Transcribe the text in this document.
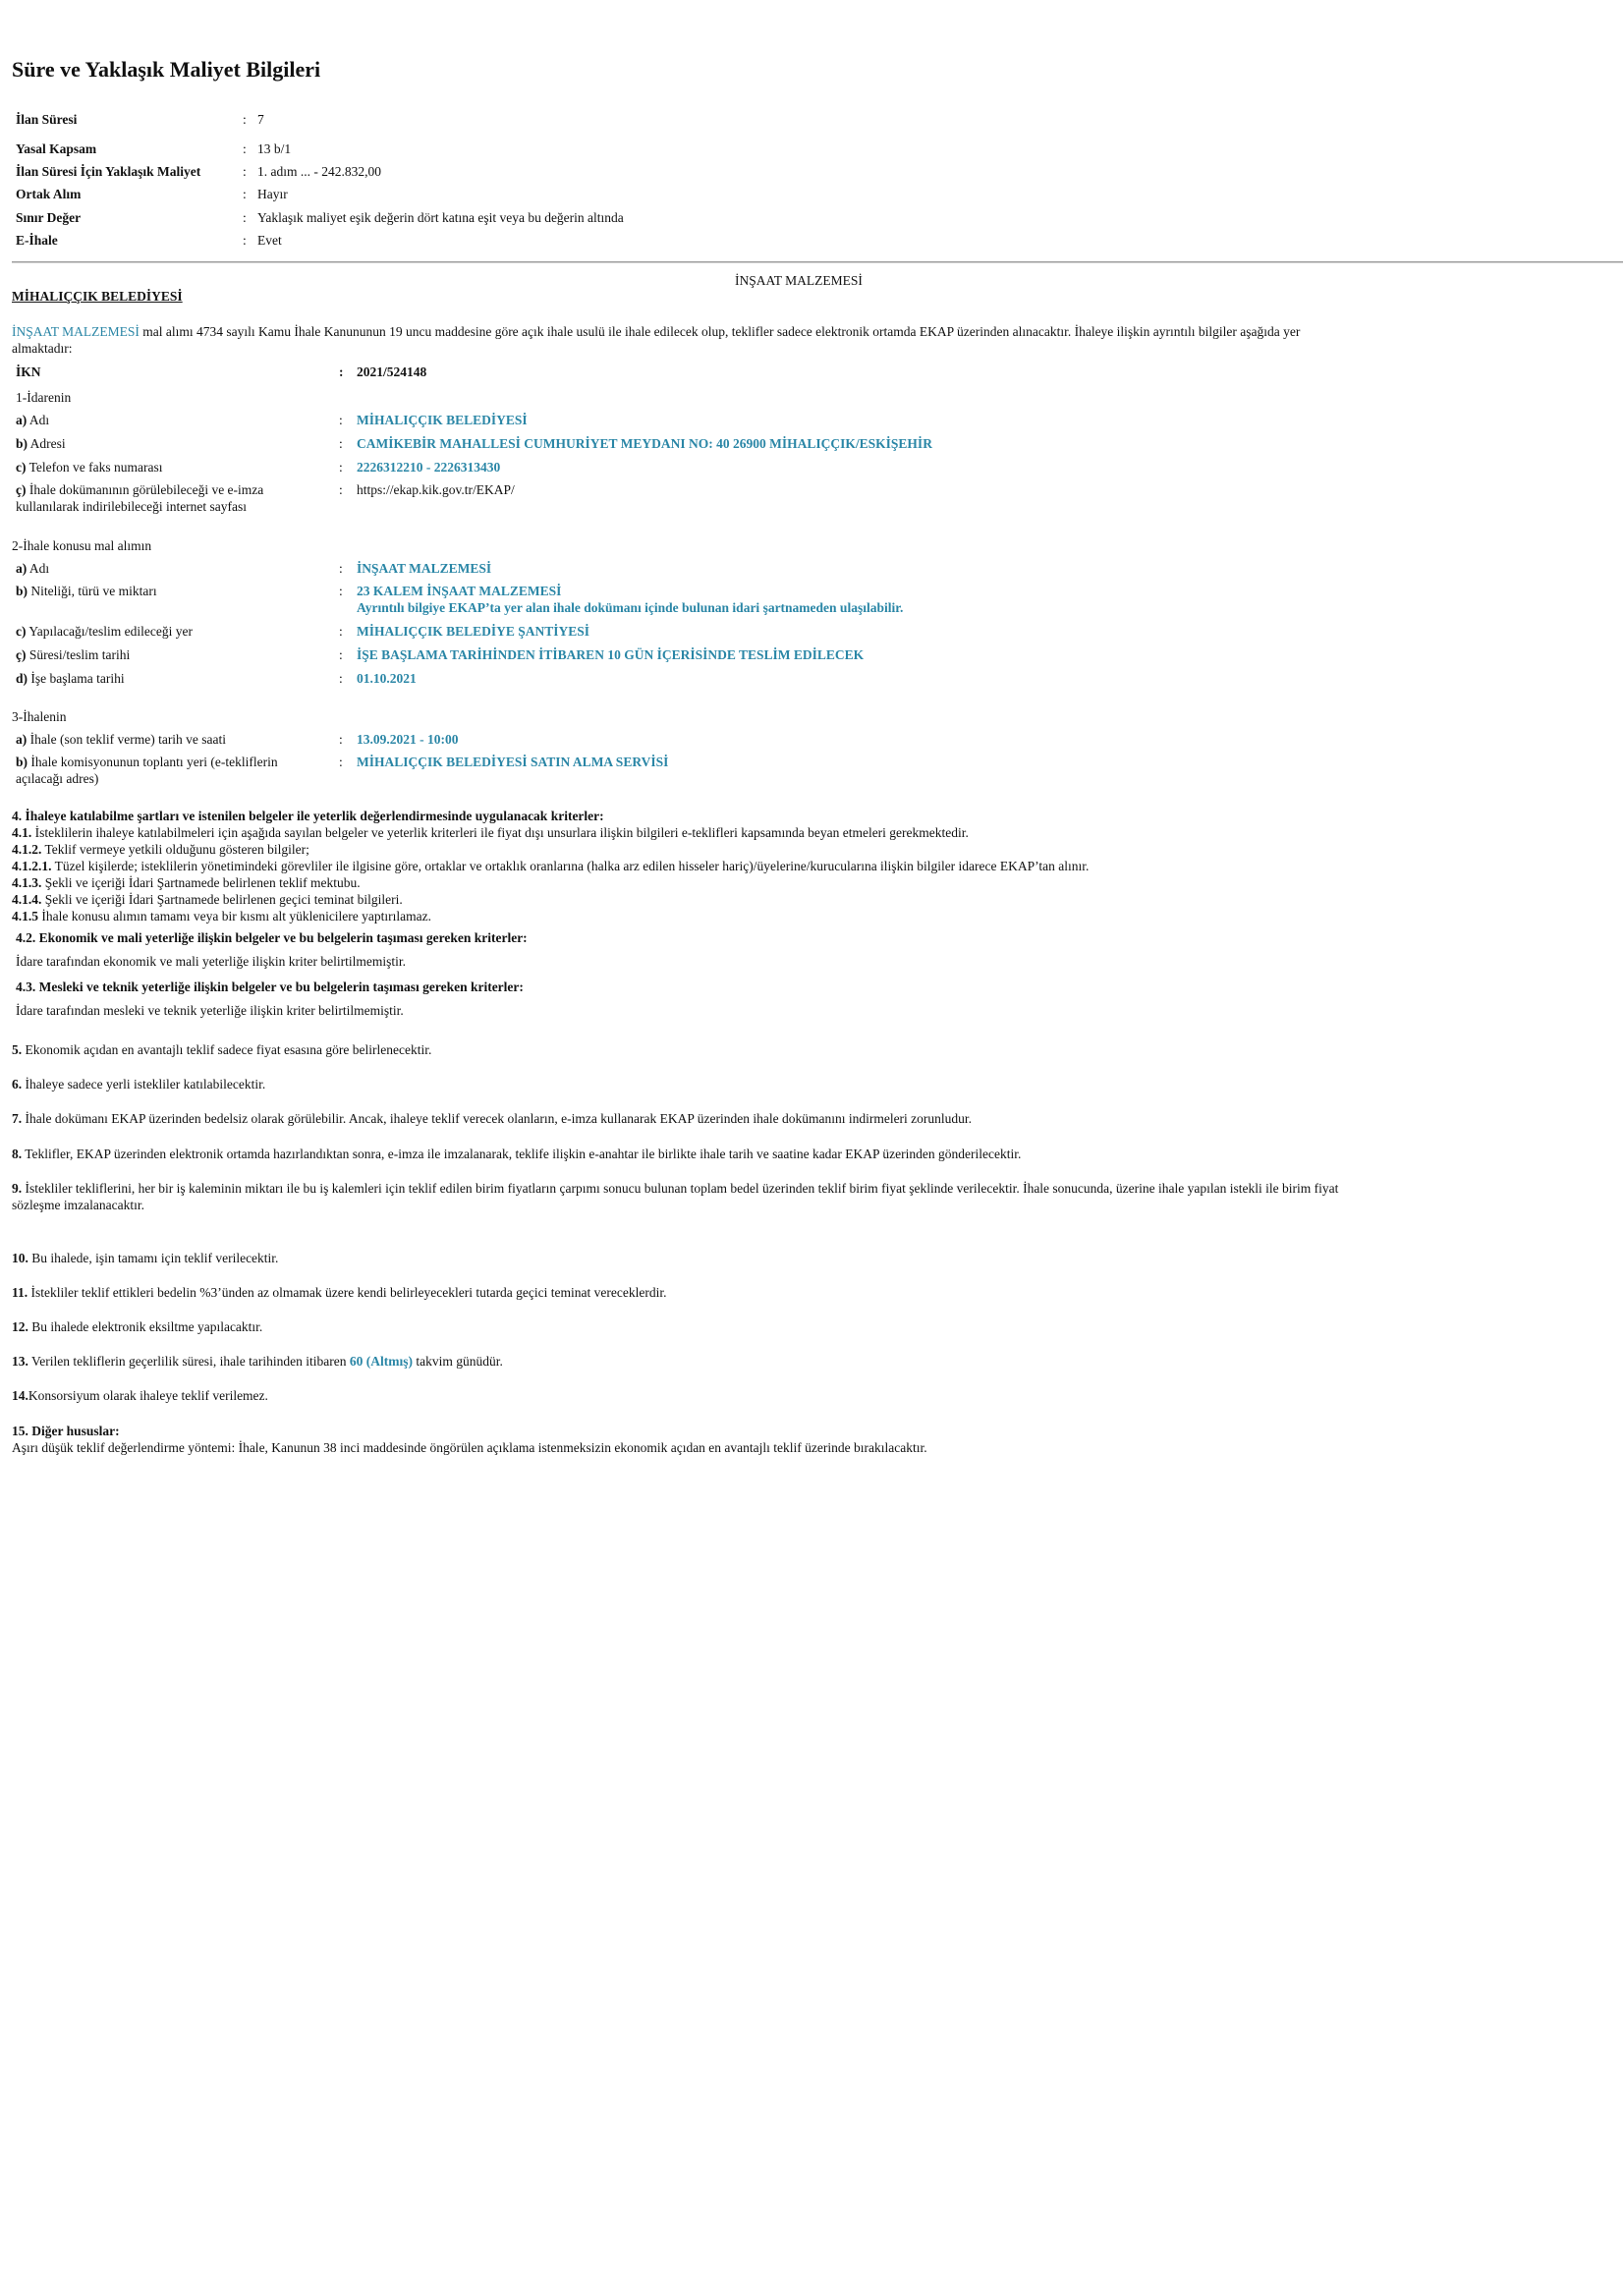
Süre ve Yaklaşık Maliyet Bilgileri
İlan Süresi	: 7
Yasal Kapsam	: 13 b/1
İlan Süresi İçin Yaklaşık Maliyet	: 1. adım ... - 242.832,00
Ortak Alım	: Hayır
Sınır Değer	: Yaklaşık maliyet eşik değerin dört katına eşit veya bu değerin altında
E-İhale	: Evet
İNŞAAT MALZEMESİ
MİHALIÇÇIK BELEDİYESİ
İNŞAAT MALZEMESİ mal alımı 4734 sayılı Kamu İhale Kanununun 19 uncu maddesine göre açık ihale usulü ile ihale edilecek olup, teklifler sadece elektronik ortamda EKAP üzerinden alınacaktır. İhaleye ilişkin ayrıntılı bilgiler aşağıda yer
almaktadır:
İKN	: 2021/524148
1-İdarenin
a) Adı	: MİHALIÇÇIK BELEDİYESİ
b) Adresi	: CAMİKEBİR MAHALLESİ CUMHURİYET MEYDANI NO: 40 26900 MİHALIÇÇIK/ESKİŞEHİR
c) Telefon ve faks numarası	: 2226312210 - 2226313430
ç) İhale dokümanının görülebileceği ve e-imza
kullanılarak indirilebileceği internet sayfası
: https://ekap.kik.gov.tr/EKAP/
2-İhale konusu mal alımın
a) Adı	: İNŞAAT MALZEMESİ
b) Niteliği, türü ve miktarı	: 23 KALEM İNŞAAT MALZEMESİ
Ayrıntılı bilgiye EKAP’ta yer alan ihale dokümanı içinde bulunan idari şartnameden ulaşılabilir.
c) Yapılacağı/teslim edileceği yer	: MİHALIÇÇIK BELEDİYE ŞANTİYESİ
ç) Süresi/teslim tarihi	: İŞE BAŞLAMA TARİHİNDEN İTİBAREN 10 GÜN İÇERİSİNDE TESLİM EDİLECEK
d) İşe başlama tarihi	: 01.10.2021
3-İhalenin
a) İhale (son teklif verme) tarih ve saati	: 13.09.2021 - 10:00
b) İhale komisyonunun toplantı yeri (e-tekliflerin
açılacağı adres)
: MİHALIÇÇIK BELEDİYESİ SATIN ALMA SERVİSİ
4. İhaleye katılabilme şartları ve istenilen belgeler ile yeterlik değerlendirmesinde uygulanacak kriterler:
4.1. İsteklilerin ihaleye katılabilmeleri için aşağıda sayılan belgeler ve yeterlik kriterleri ile fiyat dışı unsurlara ilişkin bilgileri e-teklifleri kapsamında beyan etmeleri gerekmektedir.
4.1.2. Teklif vermeye yetkili olduğunu gösteren bilgiler;
4.1.2.1. Tüzel kişilerde; isteklilerin yönetimindeki görevliler ile ilgisine göre, ortaklar ve ortaklık oranlarına (halka arz edilen hisseler hariç)/üyelerine/kurucularına ilişkin bilgiler idarece EKAP’tan alınır.
4.1.3. Şekli ve içeriği İdari Şartnamede belirlenen teklif mektubu.
4.1.4. Şekli ve içeriği İdari Şartnamede belirlenen geçici teminat bilgileri.
4.1.5 İhale konusu alımın tamamı veya bir kısmı alt yüklenicilere yaptırılamaz.
4.2. Ekonomik ve mali yeterliğe ilişkin belgeler ve bu belgelerin taşıması gereken kriterler:
İdare tarafından ekonomik ve mali yeterliğe ilişkin kriter belirtilmemiştir.
4.3. Mesleki ve teknik yeterliğe ilişkin belgeler ve bu belgelerin taşıması gereken kriterler:
İdare tarafından mesleki ve teknik yeterliğe ilişkin kriter belirtilmemiştir.
5. Ekonomik açıdan en avantajlı teklif sadece fiyat esasına göre belirlenecektir.
6. İhaleye sadece yerli istekliler katılabilecektir.
7. İhale dokümanı EKAP üzerinden bedelsiz olarak görülebilir. Ancak, ihaleye teklif verecek olanların, e-imza kullanarak EKAP üzerinden ihale dokümanını indirmeleri zorunludur.
8. Teklifler, EKAP üzerinden elektronik ortamda hazırlandıktan sonra, e-imza ile imzalanarak, teklife ilişkin e-anahtar ile birlikte ihale tarih ve saatine kadar EKAP üzerinden gönderilecektir.
9. İstekliler tekliflerini, her bir iş kaleminin miktarı ile bu iş kalemleri için teklif edilen birim fiyatların çarpımı sonucu bulunan toplam bedel üzerinden teklif birim fiyat şeklinde verilecektir. İhale sonucunda, üzerine ihale yapılan istekli ile birim fiyat
sözleşme imzalanacaktır.
10. Bu ihalede, işin tamamı için teklif verilecektir.
11. İstekliler teklif ettikleri bedelin %3’ünden az olmamak üzere kendi belirleyecekleri tutarda geçici teminat vereceklerdir.
12. Bu ihalede elektronik eksiltme yapılacaktır.
13. Verilen tekliflerin geçerlilik süresi, ihale tarihinden itibaren 60 (Altmış) takvim günüdür.
14.Konsorsiyum olarak ihaleye teklif verilemez.
15. Diğer hususlar:
Aşırı düşük teklif değerlendirme yöntemi: İhale, Kanunun 38 inci maddesinde öngörülen açıklama istenmeksizin ekonomik açıdan en avantajlı teklif üzerinde bırakılacaktır.
